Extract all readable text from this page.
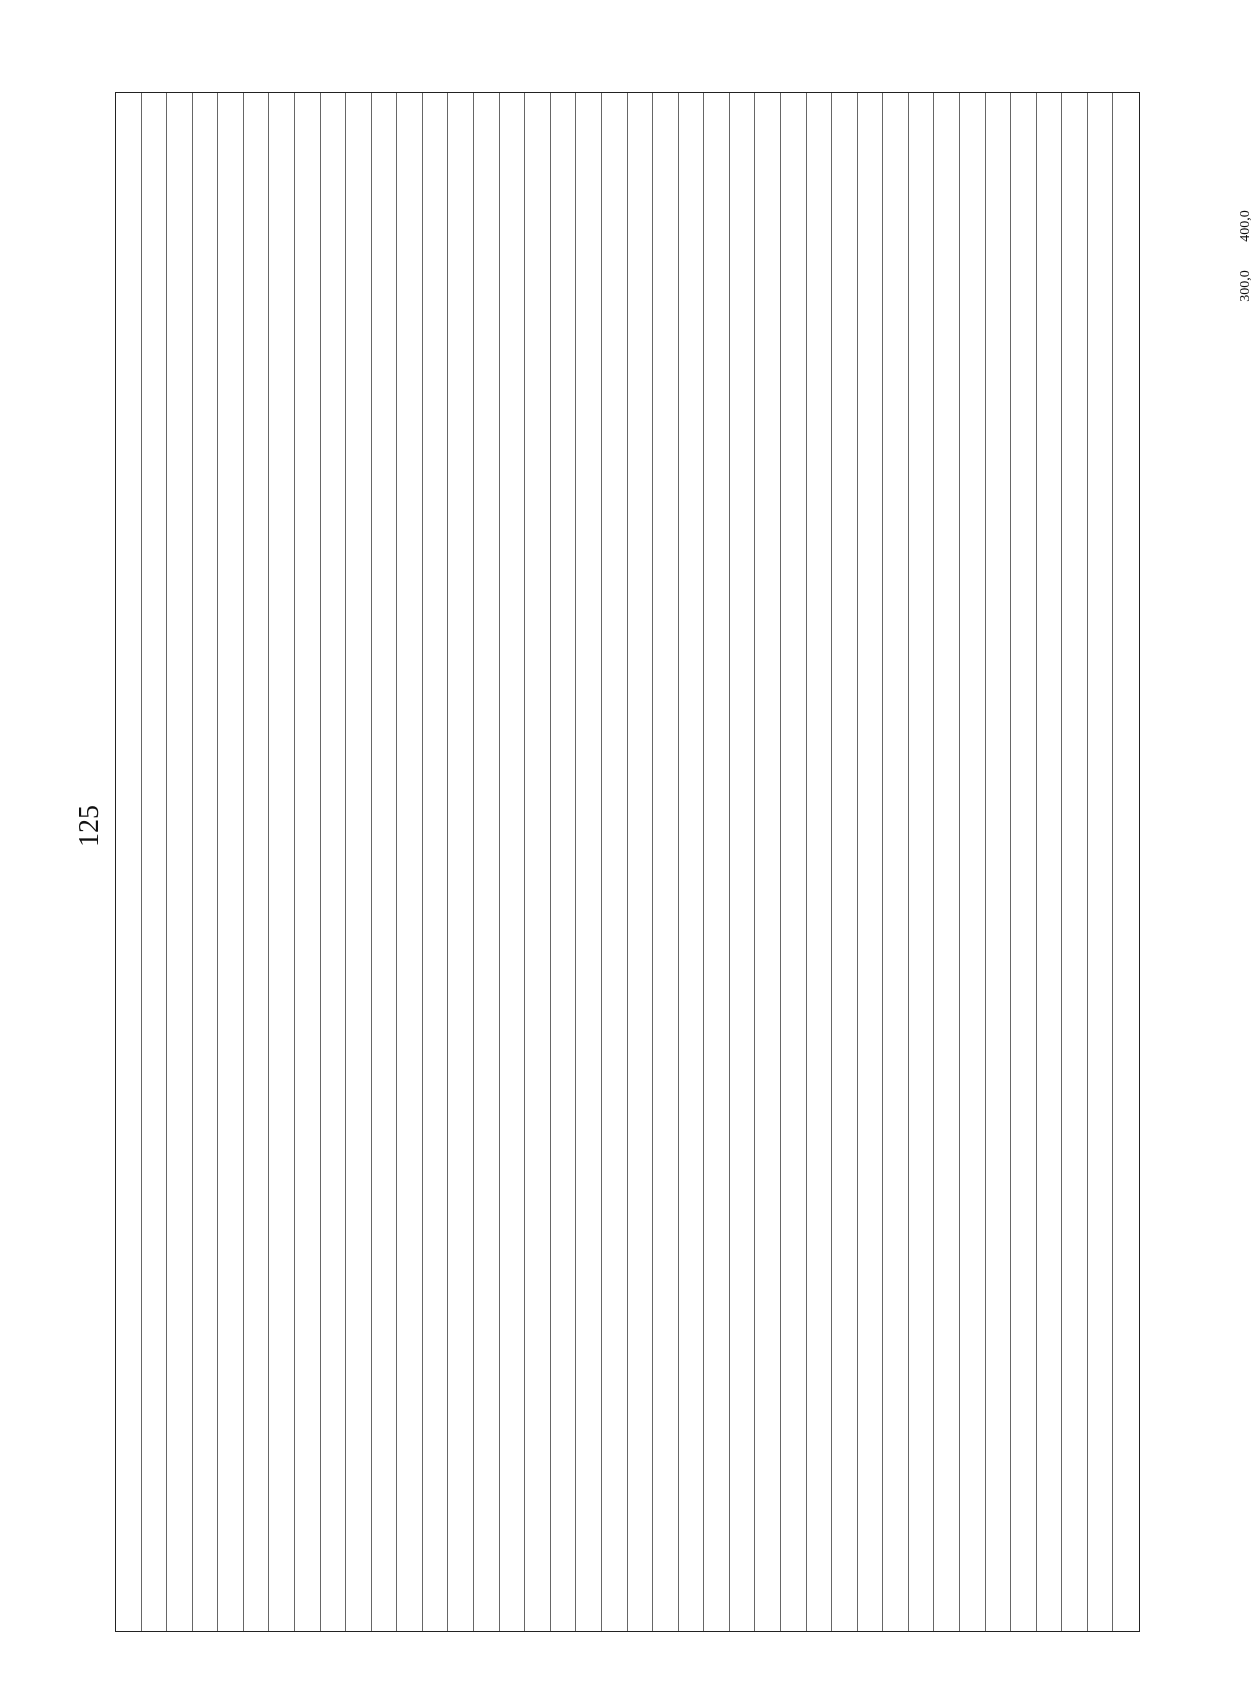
125
300,0
400,0
